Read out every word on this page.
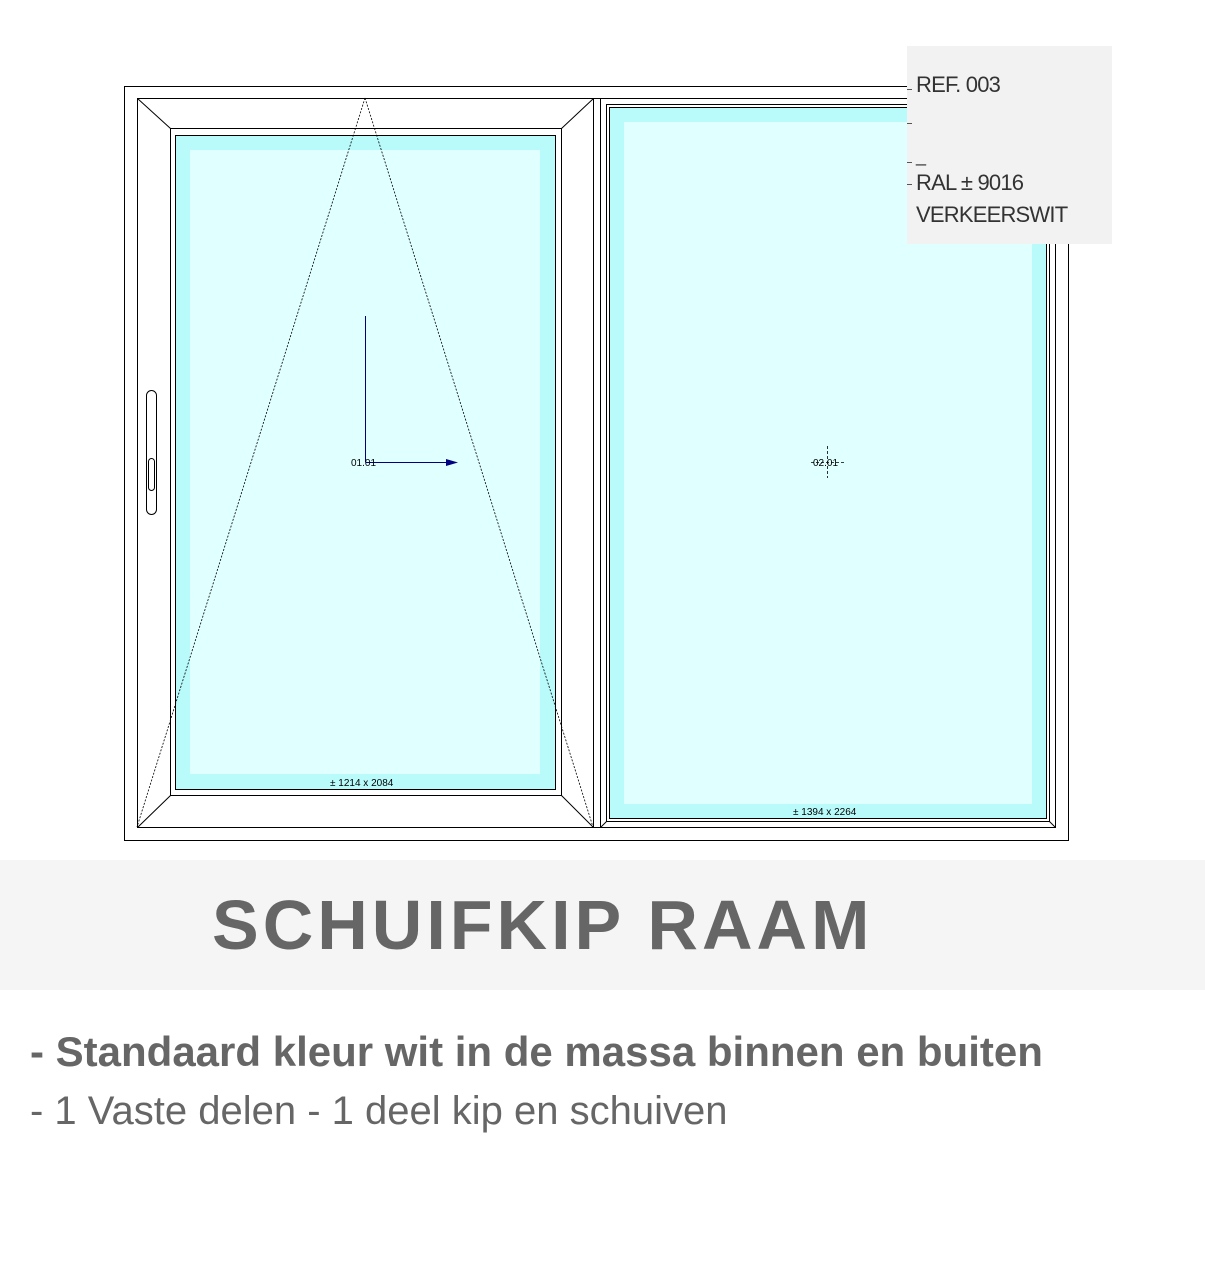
01.01	02.01
± 1214 x 2084
± 1394 x 2264
REF. 003
_
RAL ± 9016
VERKEERSWIT
SCHUIFKIP RAAM
- Standaard kleur wit in de massa binnen en buiten
- 1 Vaste delen - 1 deel kip en schuiven
